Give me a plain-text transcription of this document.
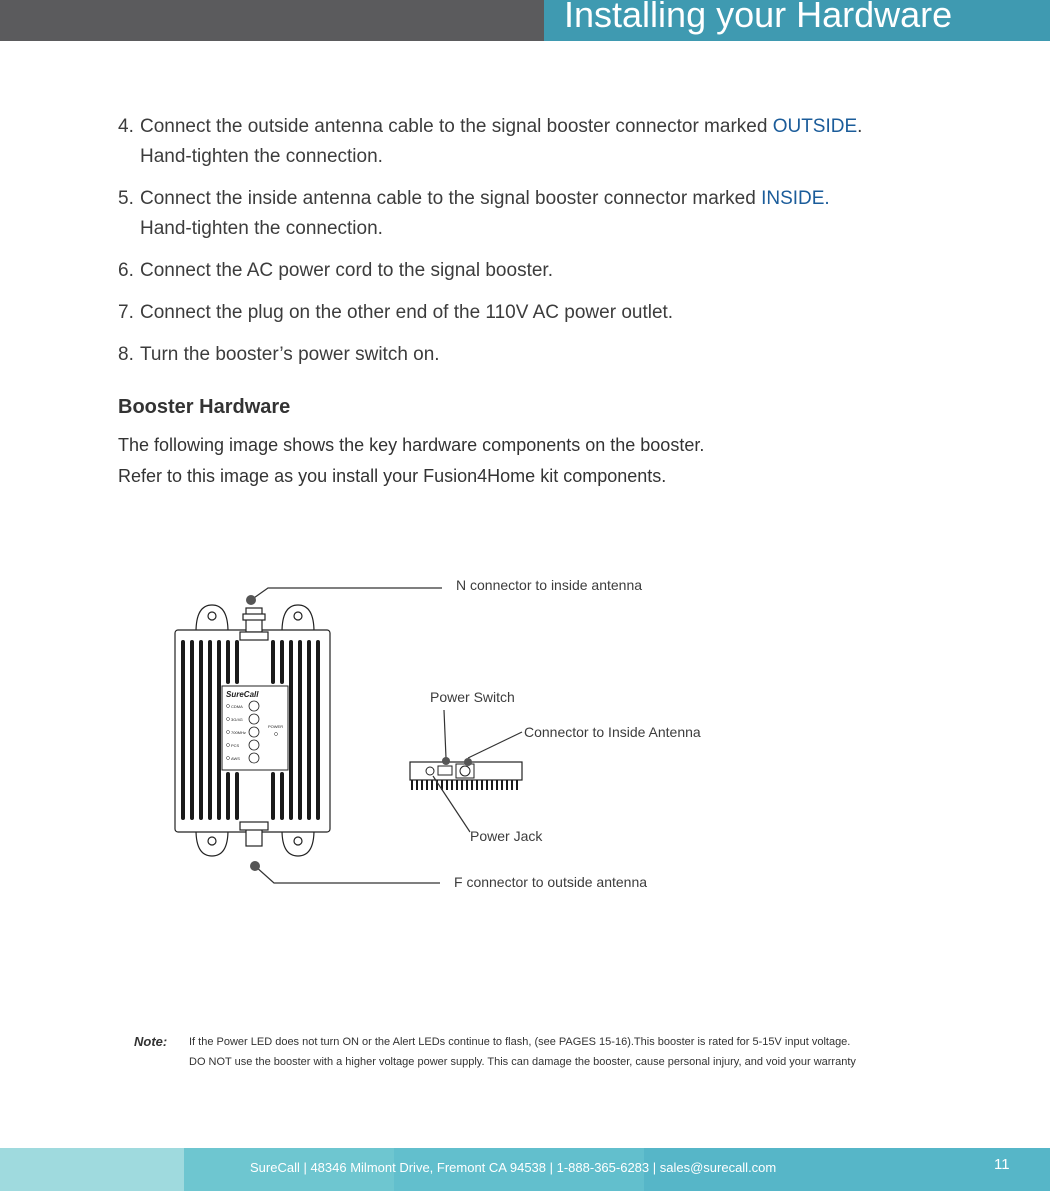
Installing your Hardware
4. Connect the outside antenna cable to the signal booster connector marked OUTSIDE.
Hand-tighten the connection.
5. Connect the inside antenna cable to the signal booster connector marked INSIDE.
Hand-tighten the connection.
6. Connect the AC power cord to the signal booster.
7. Connect the plug on the other end of the 110V AC power outlet.
8. Turn the booster’s power switch on.
Booster Hardware
The following image shows the key hardware components on the booster.
Refer to this image as you install your Fusion4Home kit components.
SureCall
CDMA
3G/4G
700MHz
PCS
AWS
POWER
N connector to inside antenna
Power Switch
Connector to Inside Antenna
Power Jack
F connector to outside antenna
Note: If the Power LED does not turn ON or the Alert LEDs continue to flash, (see PAGES 15-16).This booster is rated for 5-15V input voltage.
DO NOT use the booster with a higher voltage power supply. This can damage the booster, cause personal injury, and void your warranty
SureCall | 48346 Milmont Drive, Fremont CA 94538 | 1-888-365-6283 | sales@surecall.com	11
